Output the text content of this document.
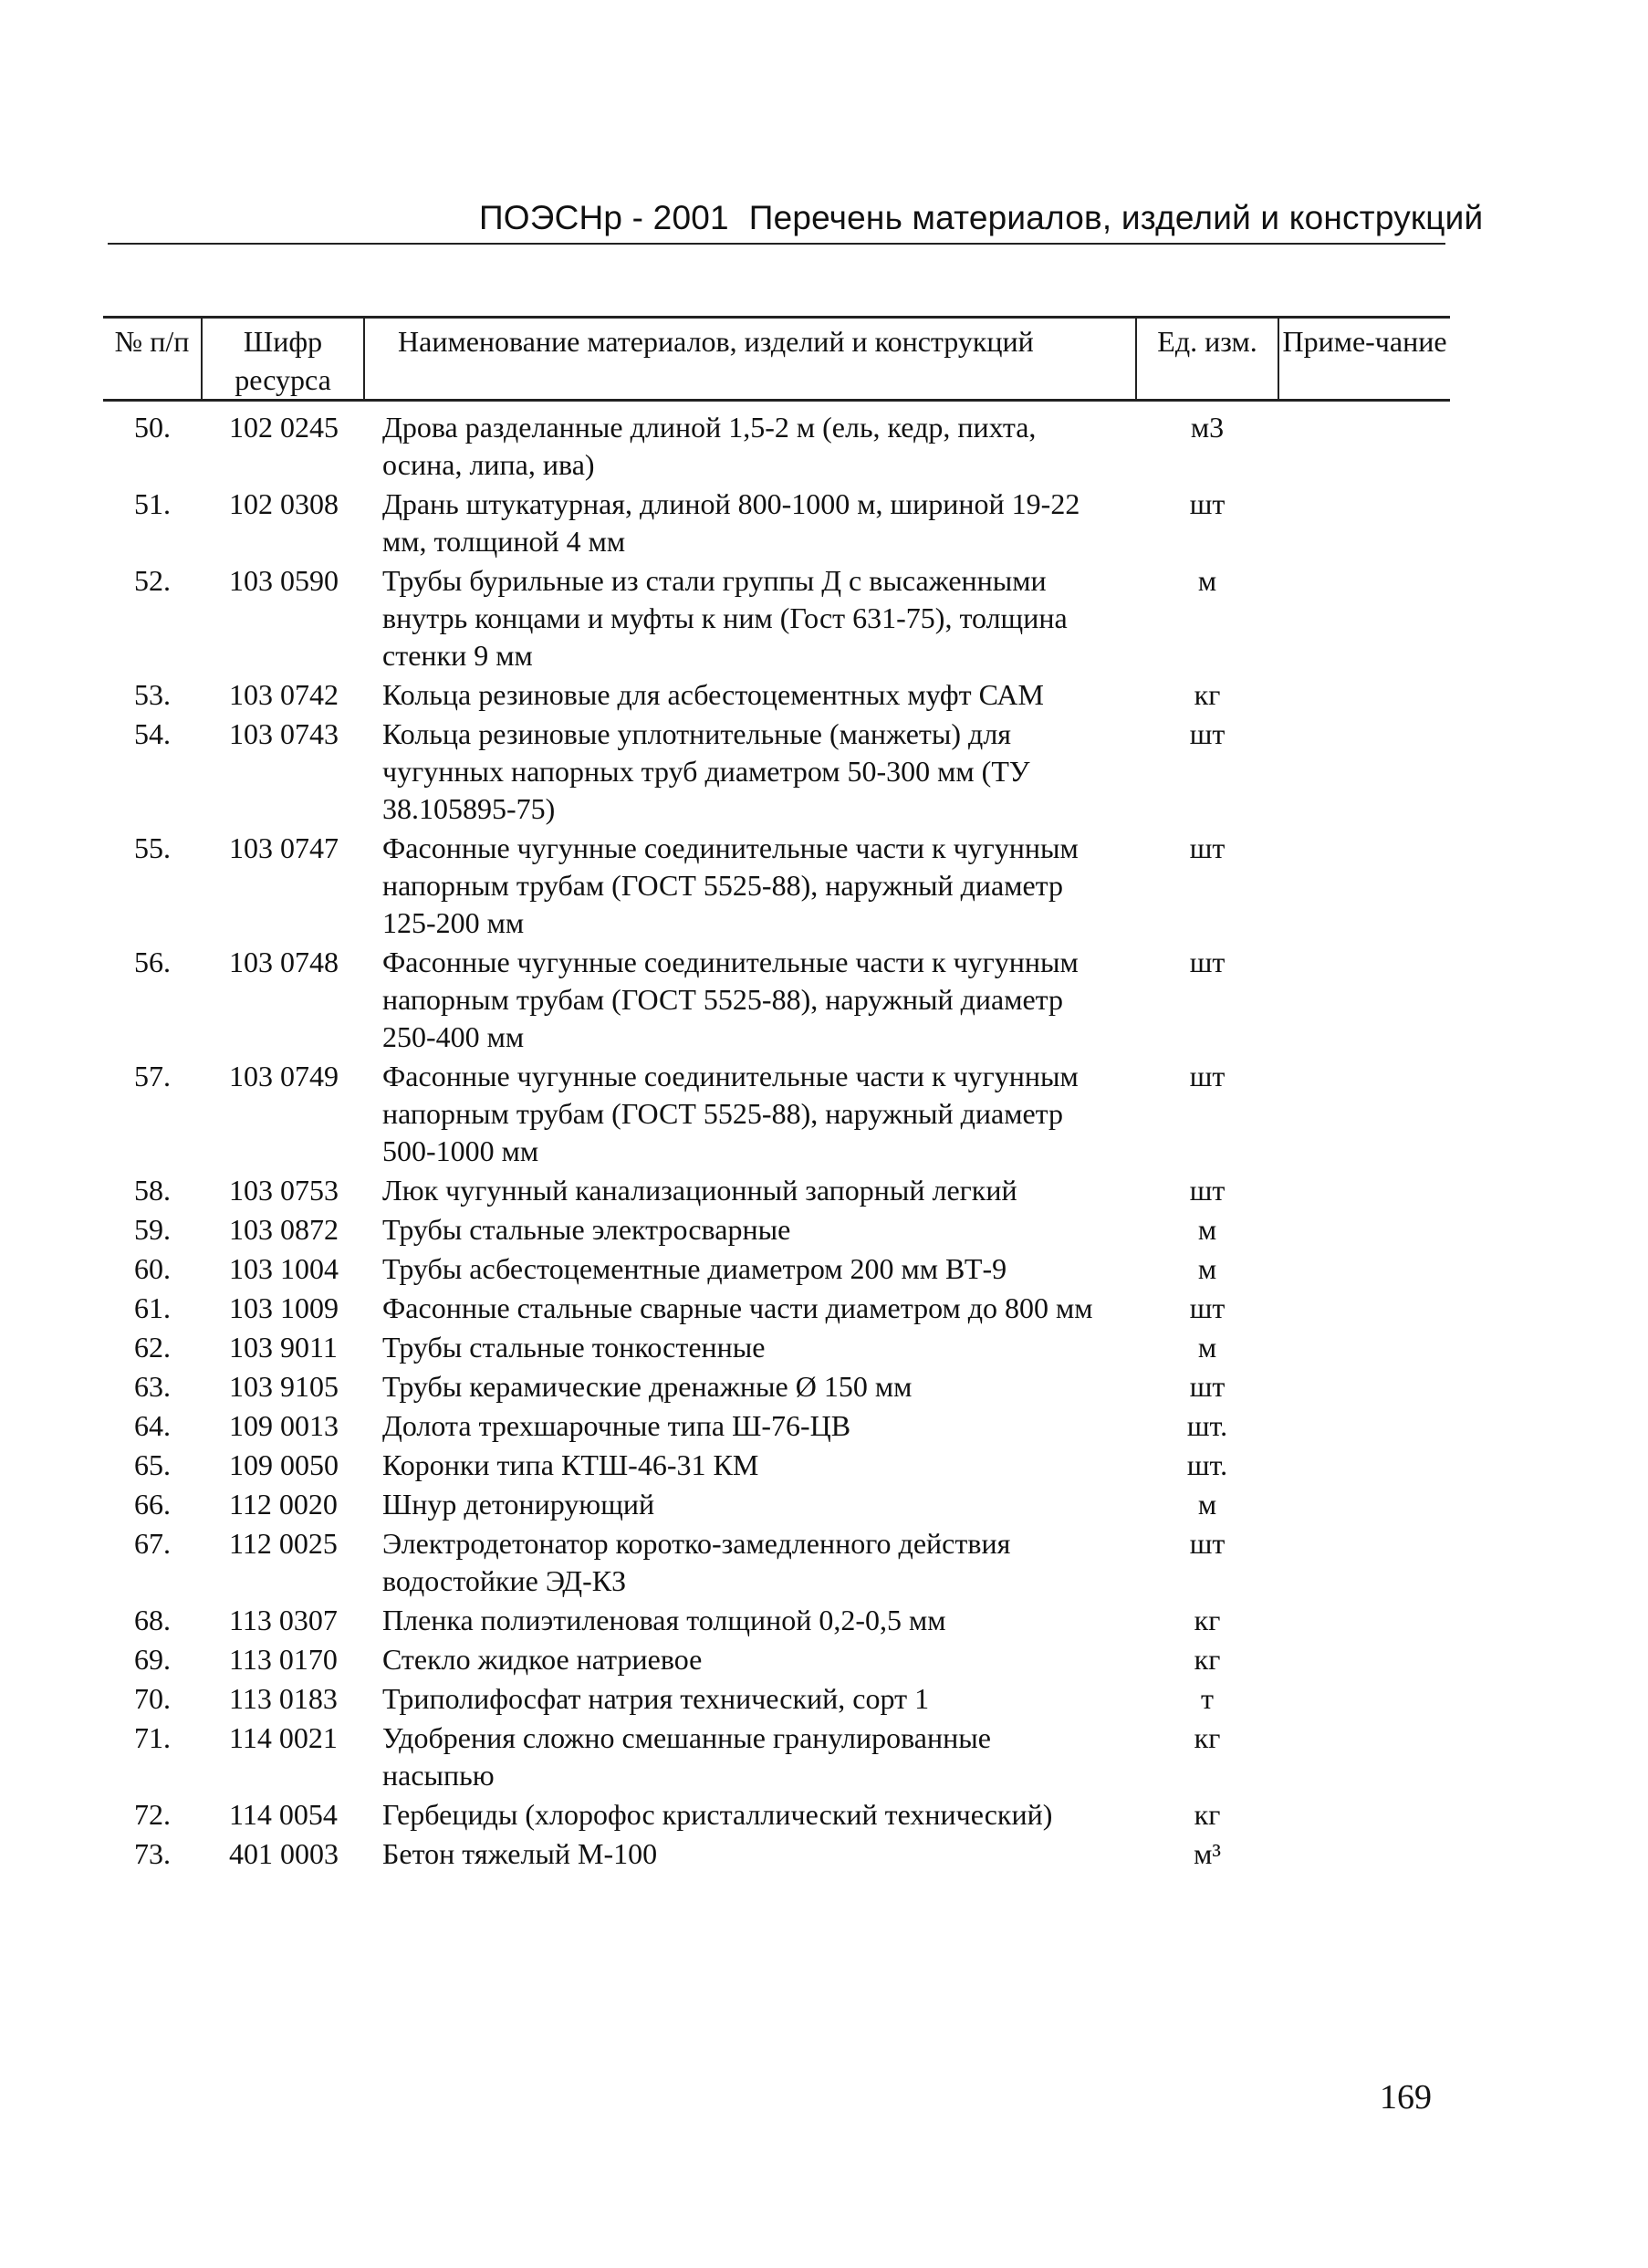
ПОЭСНр - 2001 Перечень материалов, изделий и конструкций
№ п/п	Шифр ресурса	Наименование материалов, изделий и конструкций	Ед. изм.	Приме-чание
50.	102 0245	Дрова разделанные длиной 1,5-2 м (ель, кедр, пихта, осина, липа, ива)	м3	
51.	102 0308	Дрань штукатурная, длиной 800-1000 м, шириной 19-22 мм, толщиной 4 мм	шт	
52.	103 0590	Трубы бурильные из стали группы Д с высаженными внутрь концами и муфты к ним (Гост 631-75), толщина стенки 9 мм	м	
53.	103 0742	Кольца резиновые для асбестоцементных муфт САМ	кг	
54.	103 0743	Кольца резиновые уплотнительные (манжеты) для чугунных напорных труб диаметром 50-300 мм (ТУ 38.105895-75)	шт	
55.	103 0747	Фасонные чугунные соединительные части к чугунным напорным трубам (ГОСТ 5525-88), наружный диаметр 125-200 мм	шт	
56.	103 0748	Фасонные чугунные соединительные части к чугунным напорным трубам (ГОСТ 5525-88), наружный диаметр 250-400 мм	шт	
57.	103 0749	Фасонные чугунные соединительные части к чугунным напорным трубам (ГОСТ 5525-88), наружный диаметр 500-1000 мм	шт	
58.	103 0753	Люк чугунный канализационный запорный легкий	шт	
59.	103 0872	Трубы стальные электросварные	м	
60.	103 1004	Трубы асбестоцементные диаметром 200 мм ВТ-9	м	
61.	103 1009	Фасонные стальные сварные части диаметром до 800 мм	шт	
62.	103 9011	Трубы стальные тонкостенные	м	
63.	103 9105	Трубы керамические дренажные Ø 150 мм	шт	
64.	109 0013	Долота трехшарочные типа Ш-76-ЦВ	шт.	
65.	109 0050	Коронки типа КТШ-46-31 КМ	шт.	
66.	112 0020	Шнур детонирующий	м	
67.	112 0025	Электродетонатор коротко-замедленного действия водостойкие ЭД-КЗ	шт	
68.	113 0307	Пленка полиэтиленовая толщиной 0,2-0,5 мм	кг	
69.	113 0170	Стекло жидкое натриевое	кг	
70.	113 0183	Триполифосфат натрия технический, сорт 1	т	
71.	114 0021	Удобрения сложно смешанные гранулированные насыпью	кг	
72.	114 0054	Гербециды (хлорофос кристаллический технический)	кг	
73.	401 0003	Бетон тяжелый М-100	м³	
169
